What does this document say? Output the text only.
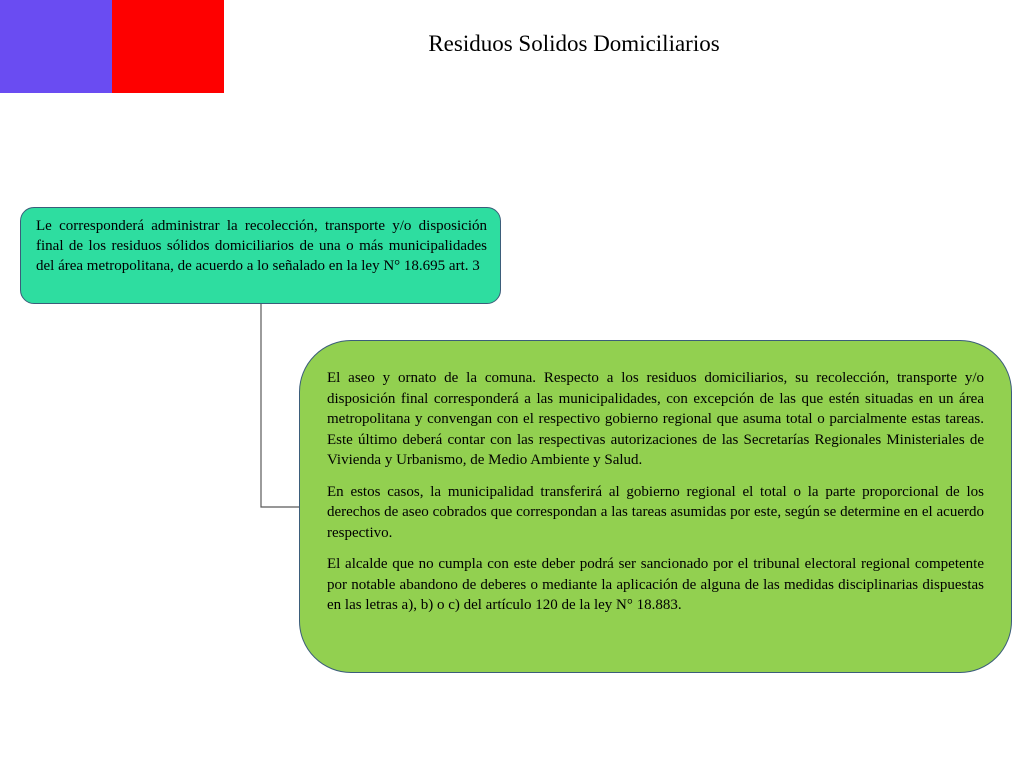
Residuos Solidos Domiciliarios

Le corresponderá administrar la recolección, transporte y/o disposición final de los residuos sólidos domiciliarios de una o más municipalidades del área metropolitana, de acuerdo a lo señalado en la ley N° 18.695 art. 3

El aseo y ornato de la comuna. Respecto a los residuos domiciliarios, su recolección, transporte y/o disposición final corresponderá a las municipalidades, con excepción de las que estén situadas en un área metropolitana y convengan con el respectivo gobierno regional que asuma total o parcialmente estas tareas. Este último deberá contar con las respectivas autorizaciones de las Secretarías Regionales Ministeriales de Vivienda y Urbanismo, de Medio Ambiente y Salud.

En estos casos, la municipalidad transferirá al gobierno regional el total o la parte proporcional de los derechos de aseo cobrados que correspondan a las tareas asumidas por este, según se determine en el acuerdo respectivo.

El alcalde que no cumpla con este deber podrá ser sancionado por el tribunal electoral regional competente por notable abandono de deberes o mediante la aplicación de alguna de las medidas disciplinarias dispuestas en las letras a), b) o c) del artículo 120 de la ley N° 18.883.
